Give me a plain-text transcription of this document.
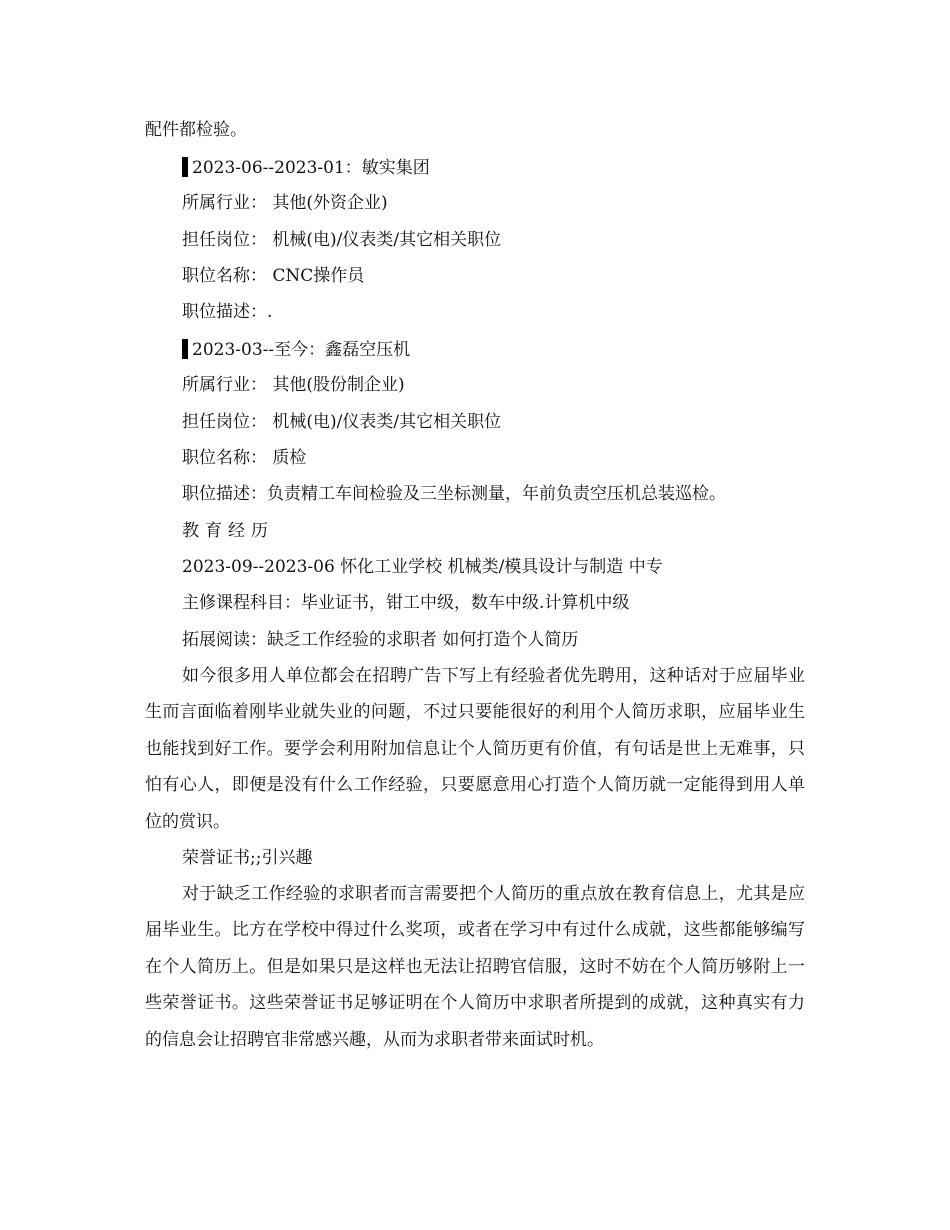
配件都检验。
2023-06--2023-01：敏实集团
所属行业： 其他(外资企业)
担任岗位： 机械(电)/仪表类/其它相关职位
职位名称： CNC操作员
职位描述：.
2023-03--至今：鑫磊空压机
所属行业： 其他(股份制企业)
担任岗位： 机械(电)/仪表类/其它相关职位
职位名称： 质检
职位描述：负责精工车间检验及三坐标测量，年前负责空压机总装巡检。
教育经历
2023-09--2023-06 怀化工业学校 机械类/模具设计与制造 中专
主修课程科目：毕业证书，钳工中级，数车中级.计算机中级
拓展阅读：缺乏工作经验的求职者 如何打造个人简历
如今很多用人单位都会在招聘广告下写上有经验者优先聘用，这种话对于应届毕业生而言面临着刚毕业就失业的问题，不过只要能很好的利用个人简历求职，应届毕业生也能找到好工作。要学会利用附加信息让个人简历更有价值，有句话是世上无难事，只怕有心人，即便是没有什么工作经验，只要愿意用心打造个人简历就一定能得到用人单位的赏识。
荣誉证书;;引兴趣
对于缺乏工作经验的求职者而言需要把个人简历的重点放在教育信息上，尤其是应届毕业生。比方在学校中得过什么奖项，或者在学习中有过什么成就，这些都能够编写在个人简历上。但是如果只是这样也无法让招聘官信服，这时不妨在个人简历够附上一些荣誉证书。这些荣誉证书足够证明在个人简历中求职者所提到的成就，这种真实有力的信息会让招聘官非常感兴趣，从而为求职者带来面试时机。
